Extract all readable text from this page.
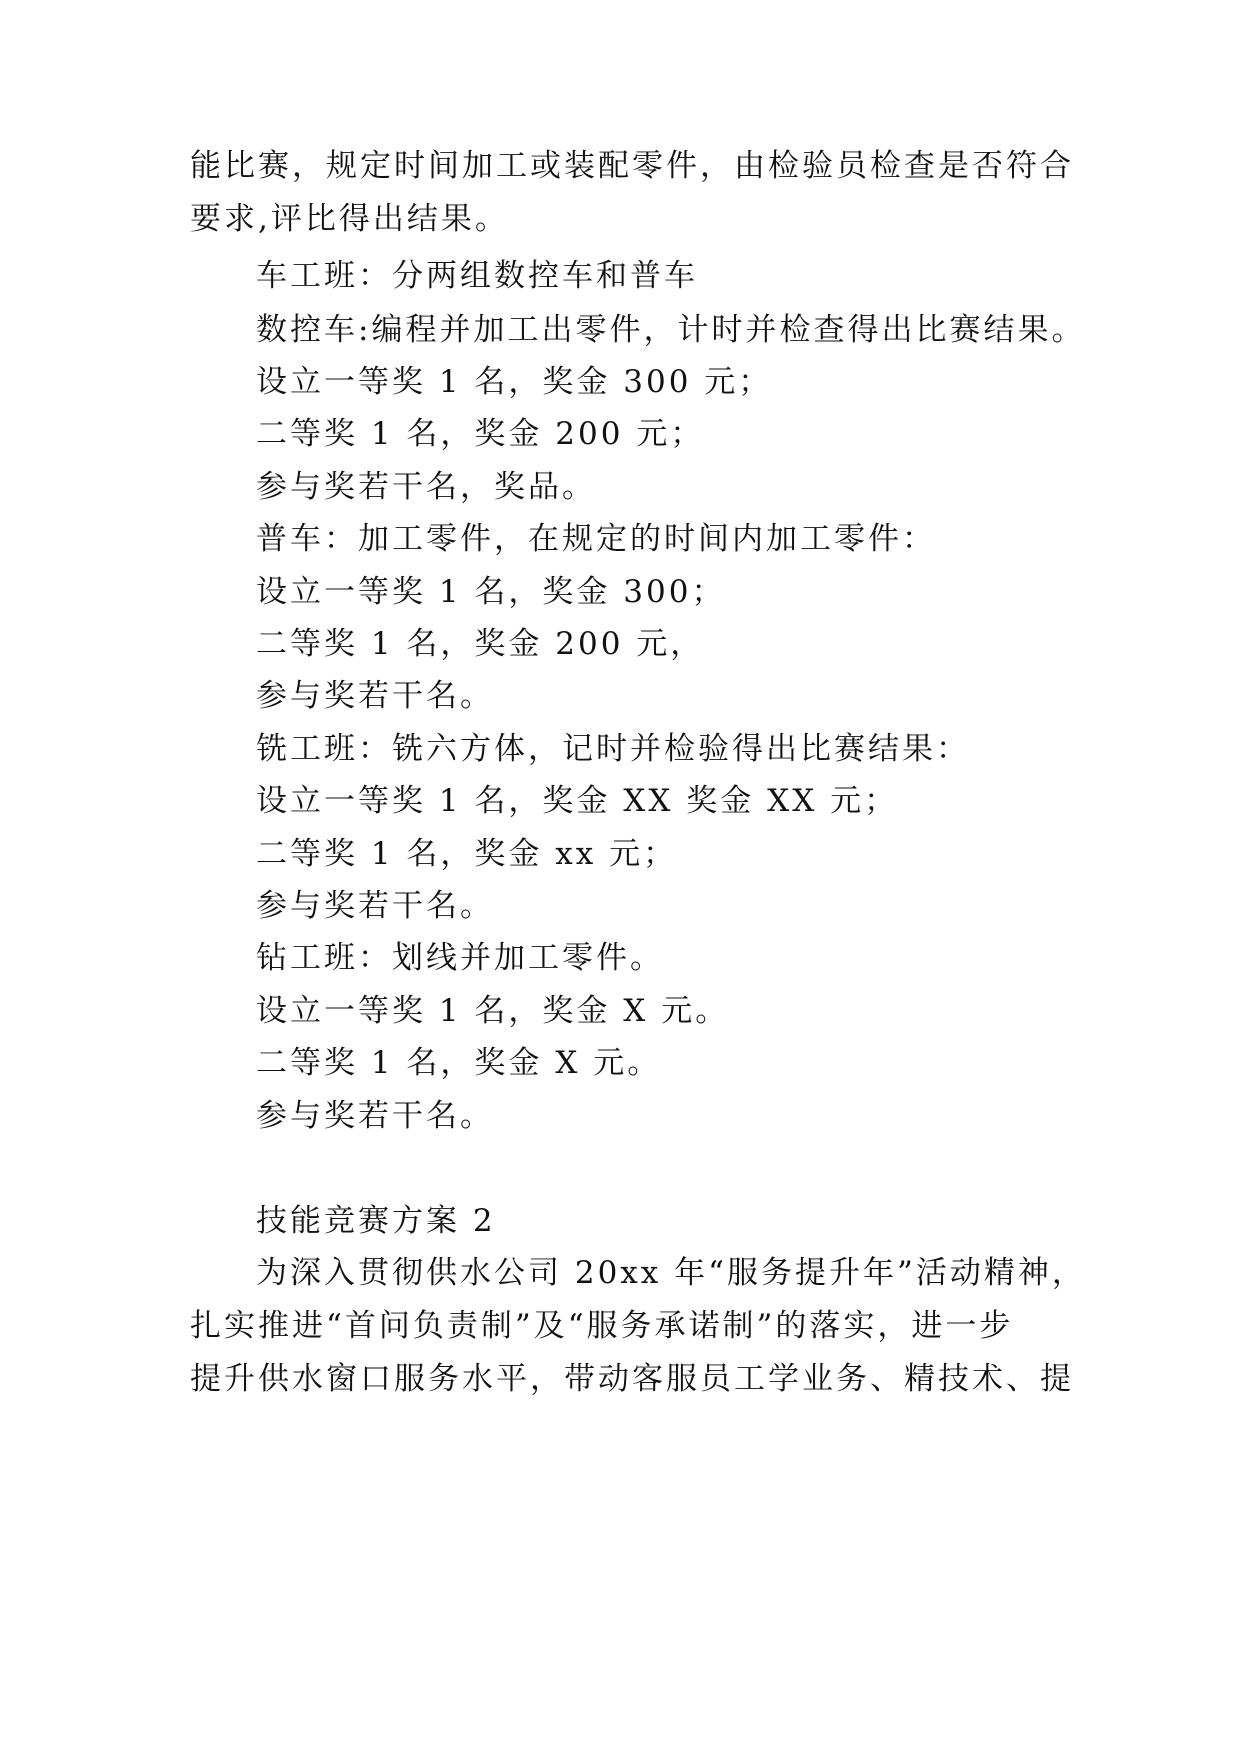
能比赛，规定时间加工或装配零件，由检验员检查是否符合
要求,评比得出结果。
车工班：分两组数控车和普车
数控车:编程并加工出零件，计时并检查得出比赛结果。
设立一等奖 1 名，奖金 300 元；
二等奖 1 名，奖金 200 元；
参与奖若干名，奖品。
普车：加工零件，在规定的时间内加工零件：
设立一等奖 1 名，奖金 300；
二等奖 1 名，奖金 200 元，
参与奖若干名。
铣工班：铣六方体，记时并检验得出比赛结果：
设立一等奖 1 名，奖金 XX 奖金 XX 元；
二等奖 1 名，奖金 xx 元；
参与奖若干名。
钻工班：划线并加工零件。
设立一等奖 1 名，奖金 X 元。
二等奖 1 名，奖金 X 元。
参与奖若干名。
技能竞赛方案 2
为深入贯彻供水公司 20xx 年“服务提升年”活动精神，
扎实推进“首问负责制”及“服务承诺制”的落实，进一步
提升供水窗口服务水平，带动客服员工学业务、精技术、提
